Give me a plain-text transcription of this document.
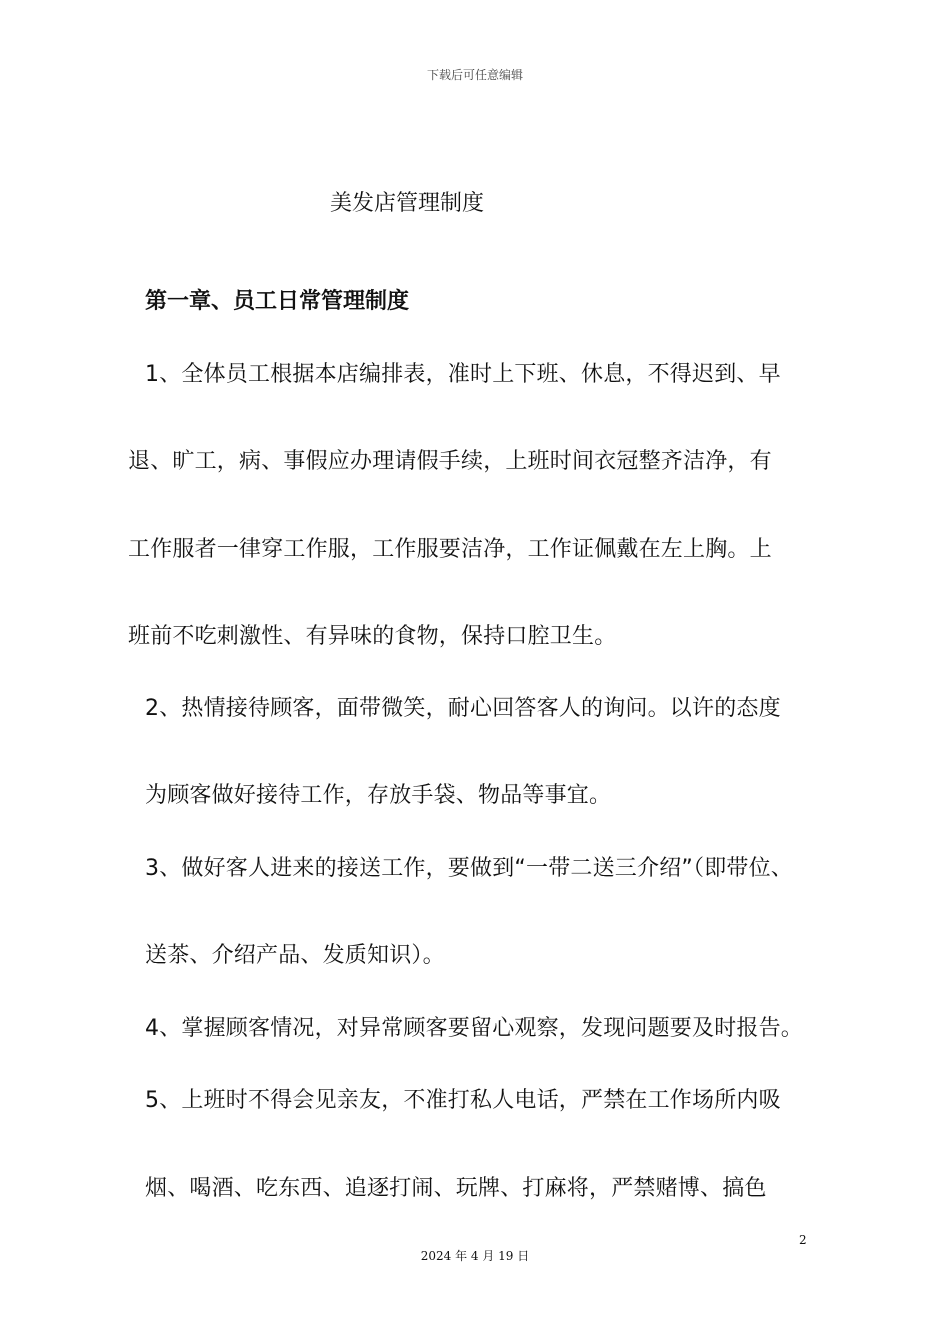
下载后可任意编辑
美发店管理制度
第一章、员工日常管理制度
1、全体员工根据本店编排表，准时上下班、休息，不得迟到、早
退、旷工，病、事假应办理请假手续，上班时间衣冠整齐洁净，有
工作服者一律穿工作服，工作服要洁净，工作证佩戴在左上胸。上
班前不吃刺激性、有异味的食物，保持口腔卫生。
2、热情接待顾客，面带微笑，耐心回答客人的询问。以许的态度
为顾客做好接待工作，存放手袋、物品等事宜。
3、做好客人进来的接送工作，要做到“一带二送三介绍”（即带位、
送茶、介绍产品、发质知识）。
4、掌握顾客情况，对异常顾客要留心观察，发现问题要及时报告。
5、上班时不得会见亲友，不准打私人电话，严禁在工作场所内吸
烟、喝酒、吃东西、追逐打闹、玩牌、打麻将，严禁赌博、搞色
2
2024 年 4 月 19 日
